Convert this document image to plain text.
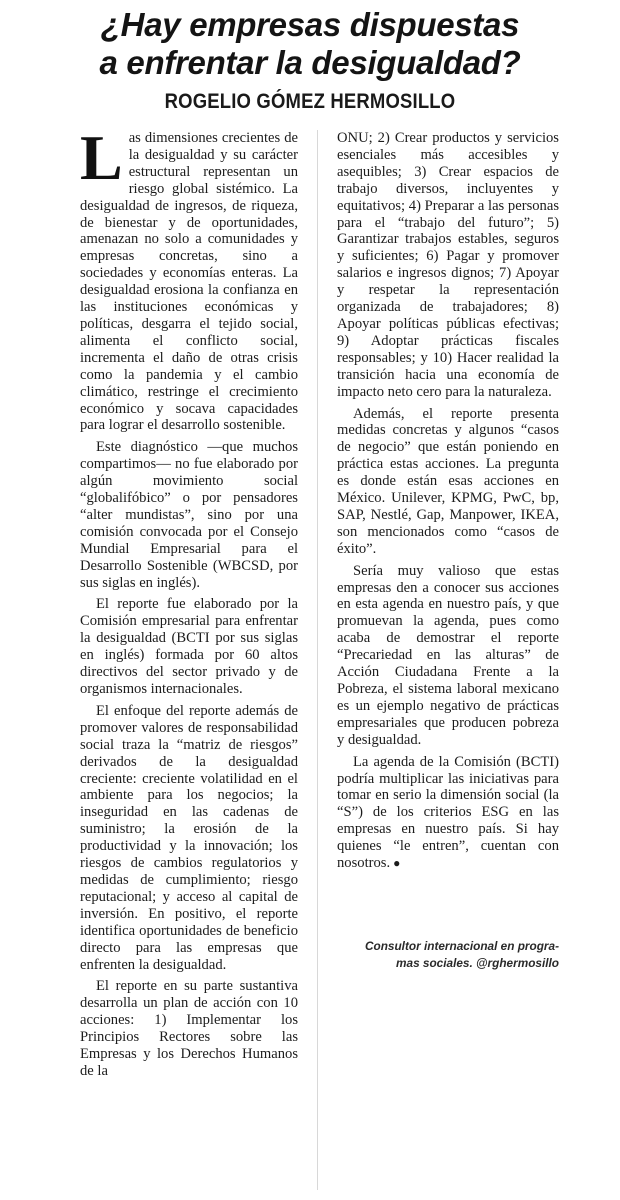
¿Hay empresas dispuestas
a enfrentar la desigualdad?
ROGELIO GÓMEZ HERMOSILLO

Las dimensiones crecientes de la desigualdad y su carácter estructural representan un riesgo global sistémico. La desigualdad de ingresos, de riqueza, de bienestar y de oportunidades, amenazan no solo a comunidades y empresas concretas, sino a sociedades y economías enteras. La desigualdad erosiona la confianza en las instituciones económicas y políticas, desgarra el tejido social, alimenta el conflicto social, incrementa el daño de otras crisis como la pandemia y el cambio climático, restringe el crecimiento económico y socava capacidades para lograr el desarrollo sostenible.

Este diagnóstico —que muchos compartimos— no fue elaborado por algún movimiento social “globalifóbico” o por pensadores “alter mundistas”, sino por una comisión convocada por el Consejo Mundial Empresarial para el Desarrollo Sostenible (WBCSD, por sus siglas en inglés).

El reporte fue elaborado por la Comisión empresarial para enfrentar la desigualdad (BCTI por sus siglas en inglés) formada por 60 altos directivos del sector privado y de organismos internacionales.

El enfoque del reporte además de promover valores de responsabilidad social traza la “matriz de riesgos” derivados de la desigualdad creciente: creciente volatilidad en el ambiente para los negocios; la inseguridad en las cadenas de suministro; la erosión de la productividad y la innovación; los riesgos de cambios regulatorios y medidas de cumplimiento; riesgo reputacional; y acceso al capital de inversión. En positivo, el reporte identifica oportunidades de beneficio directo para las empresas que enfrenten la desigualdad.

El reporte en su parte sustantiva desarrolla un plan de acción con 10 acciones: 1) Implementar los Principios Rectores sobre las Empresas y los Derechos Humanos de la

ONU; 2) Crear productos y servicios esenciales más accesibles y asequibles; 3) Crear espacios de trabajo diversos, incluyentes y equitativos; 4) Preparar a las personas para el “trabajo del futuro”; 5) Garantizar trabajos estables, seguros y suficientes; 6) Pagar y promover salarios e ingresos dignos; 7) Apoyar y respetar la representación organizada de trabajadores; 8) Apoyar políticas públicas efectivas; 9) Adoptar prácticas fiscales responsables; y 10) Hacer realidad la transición hacia una economía de impacto neto cero para la naturaleza.

Además, el reporte presenta medidas concretas y algunos “casos de negocio” que están poniendo en práctica estas acciones. La pregunta es donde están esas acciones en México. Unilever, KPMG, PwC, bp, SAP, Nestlé, Gap, Manpower, IKEA, son mencionados como “casos de éxito”.

Sería muy valioso que estas empresas den a conocer sus acciones en esta agenda en nuestro país, y que promuevan la agenda, pues como acaba de demostrar el reporte “Precariedad en las alturas” de Acción Ciudadana Frente a la Pobreza, el sistema laboral mexicano es un ejemplo negativo de prácticas empresariales que producen pobreza y desigualdad.

La agenda de la Comisión (BCTI) podría multiplicar las iniciativas para tomar en serio la dimensión social (la “S”) de los criterios ESG en las empresas en nuestro país. Si hay quienes “le entren”, cuentan con nosotros. ●

Consultor internacional en progra-
mas sociales. @rghermosillo
